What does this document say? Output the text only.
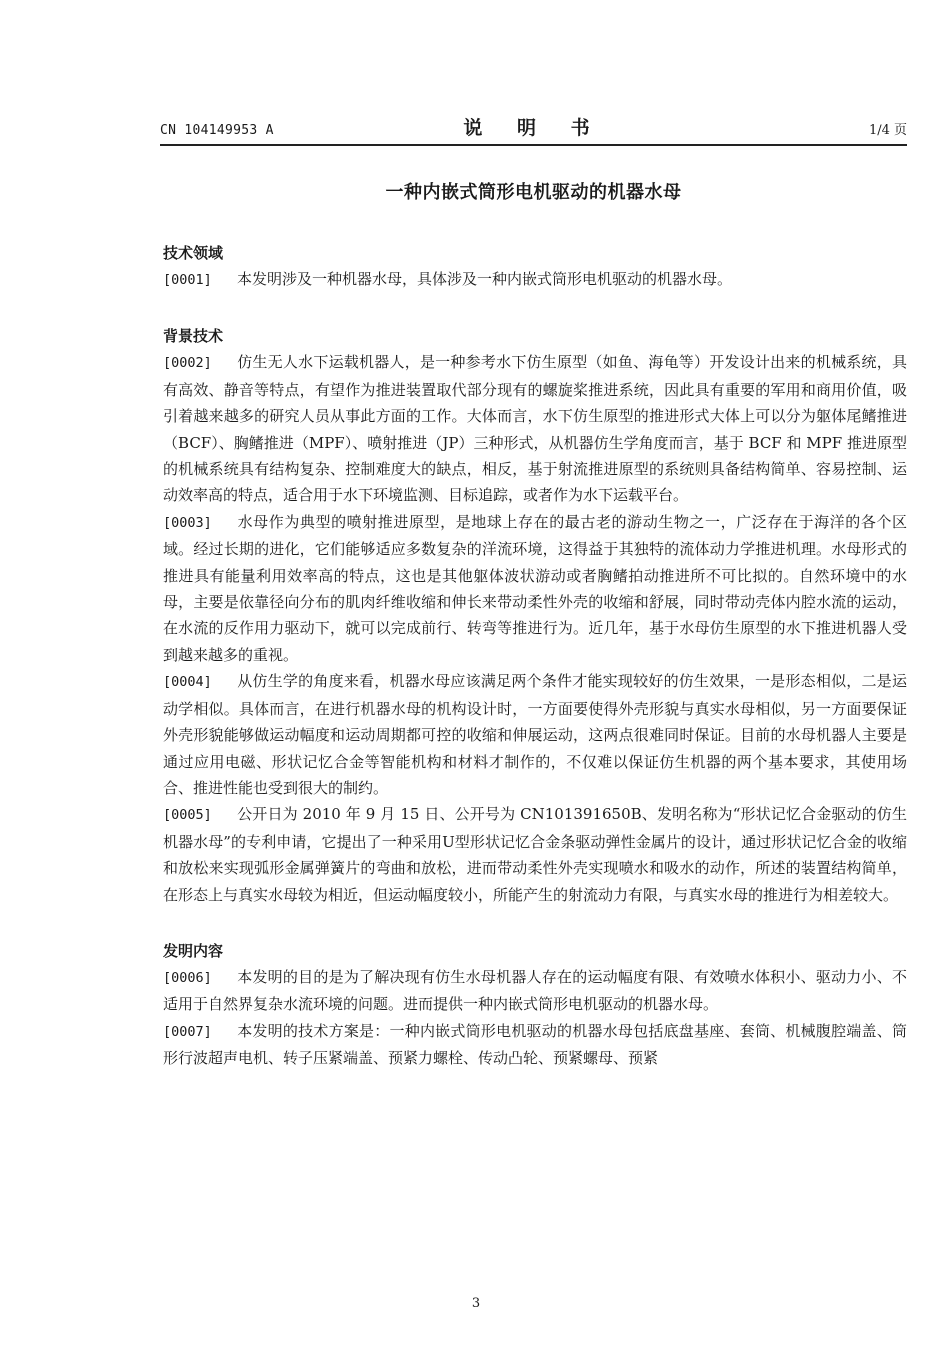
CN 104149953 A	说 明 书	1/4 页
一种内嵌式筒形电机驱动的机器水母
技术领域

[0001] 本发明涉及一种机器水母，具体涉及一种内嵌式筒形电机驱动的机器水母。

背景技术

[0002] 仿生无人水下运载机器人，是一种参考水下仿生原型（如鱼、海龟等）开发设计出来的机械系统，具有高效、静音等特点，有望作为推进装置取代部分现有的螺旋桨推进系统，因此具有重要的军用和商用价值，吸引着越来越多的研究人员从事此方面的工作。大体而言，水下仿生原型的推进形式大体上可以分为躯体尾鳍推进（BCF）、胸鳍推进（MPF）、喷射推进（JP）三种形式，从机器仿生学角度而言，基于 BCF 和 MPF 推进原型的机械系统具有结构复杂、控制难度大的缺点，相反，基于射流推进原型的系统则具备结构简单、容易控制、运动效率高的特点，适合用于水下环境监测、目标追踪，或者作为水下运载平台。

[0003] 水母作为典型的喷射推进原型，是地球上存在的最古老的游动生物之一，广泛存在于海洋的各个区域。经过长期的进化，它们能够适应多数复杂的洋流环境，这得益于其独特的流体动力学推进机理。水母形式的推进具有能量利用效率高的特点，这也是其他躯体波状游动或者胸鳍拍动推进所不可比拟的。自然环境中的水母，主要是依靠径向分布的肌肉纤维收缩和伸长来带动柔性外壳的收缩和舒展，同时带动壳体内腔水流的运动，在水流的反作用力驱动下，就可以完成前行、转弯等推进行为。近几年，基于水母仿生原型的水下推进机器人受到越来越多的重视。

[0004] 从仿生学的角度来看，机器水母应该满足两个条件才能实现较好的仿生效果，一是形态相似，二是运动学相似。具体而言，在进行机器水母的机构设计时，一方面要使得外壳形貌与真实水母相似，另一方面要保证外壳形貌能够做运动幅度和运动周期都可控的收缩和伸展运动，这两点很难同时保证。目前的水母机器人主要是通过应用电磁、形状记忆合金等智能机构和材料才制作的，不仅难以保证仿生机器的两个基本要求，其使用场合、推进性能也受到很大的制约。

[0005] 公开日为 2010 年 9 月 15 日、公开号为 CN101391650B、发明名称为“形状记忆合金驱动的仿生机器水母”的专利申请，它提出了一种采用U型形状记忆合金条驱动弹性金属片的设计，通过形状记忆合金的收缩和放松来实现弧形金属弹簧片的弯曲和放松，进而带动柔性外壳实现喷水和吸水的动作，所述的装置结构简单，在形态上与真实水母较为相近，但运动幅度较小，所能产生的射流动力有限，与真实水母的推进行为相差较大。

发明内容

[0006] 本发明的目的是为了解决现有仿生水母机器人存在的运动幅度有限、有效喷水体积小、驱动力小、不适用于自然界复杂水流环境的问题。进而提供一种内嵌式筒形电机驱动的机器水母。

[0007] 本发明的技术方案是：一种内嵌式筒形电机驱动的机器水母包括底盘基座、套筒、机械腹腔端盖、筒形行波超声电机、转子压紧端盖、预紧力螺栓、传动凸轮、预紧螺母、预紧

3
